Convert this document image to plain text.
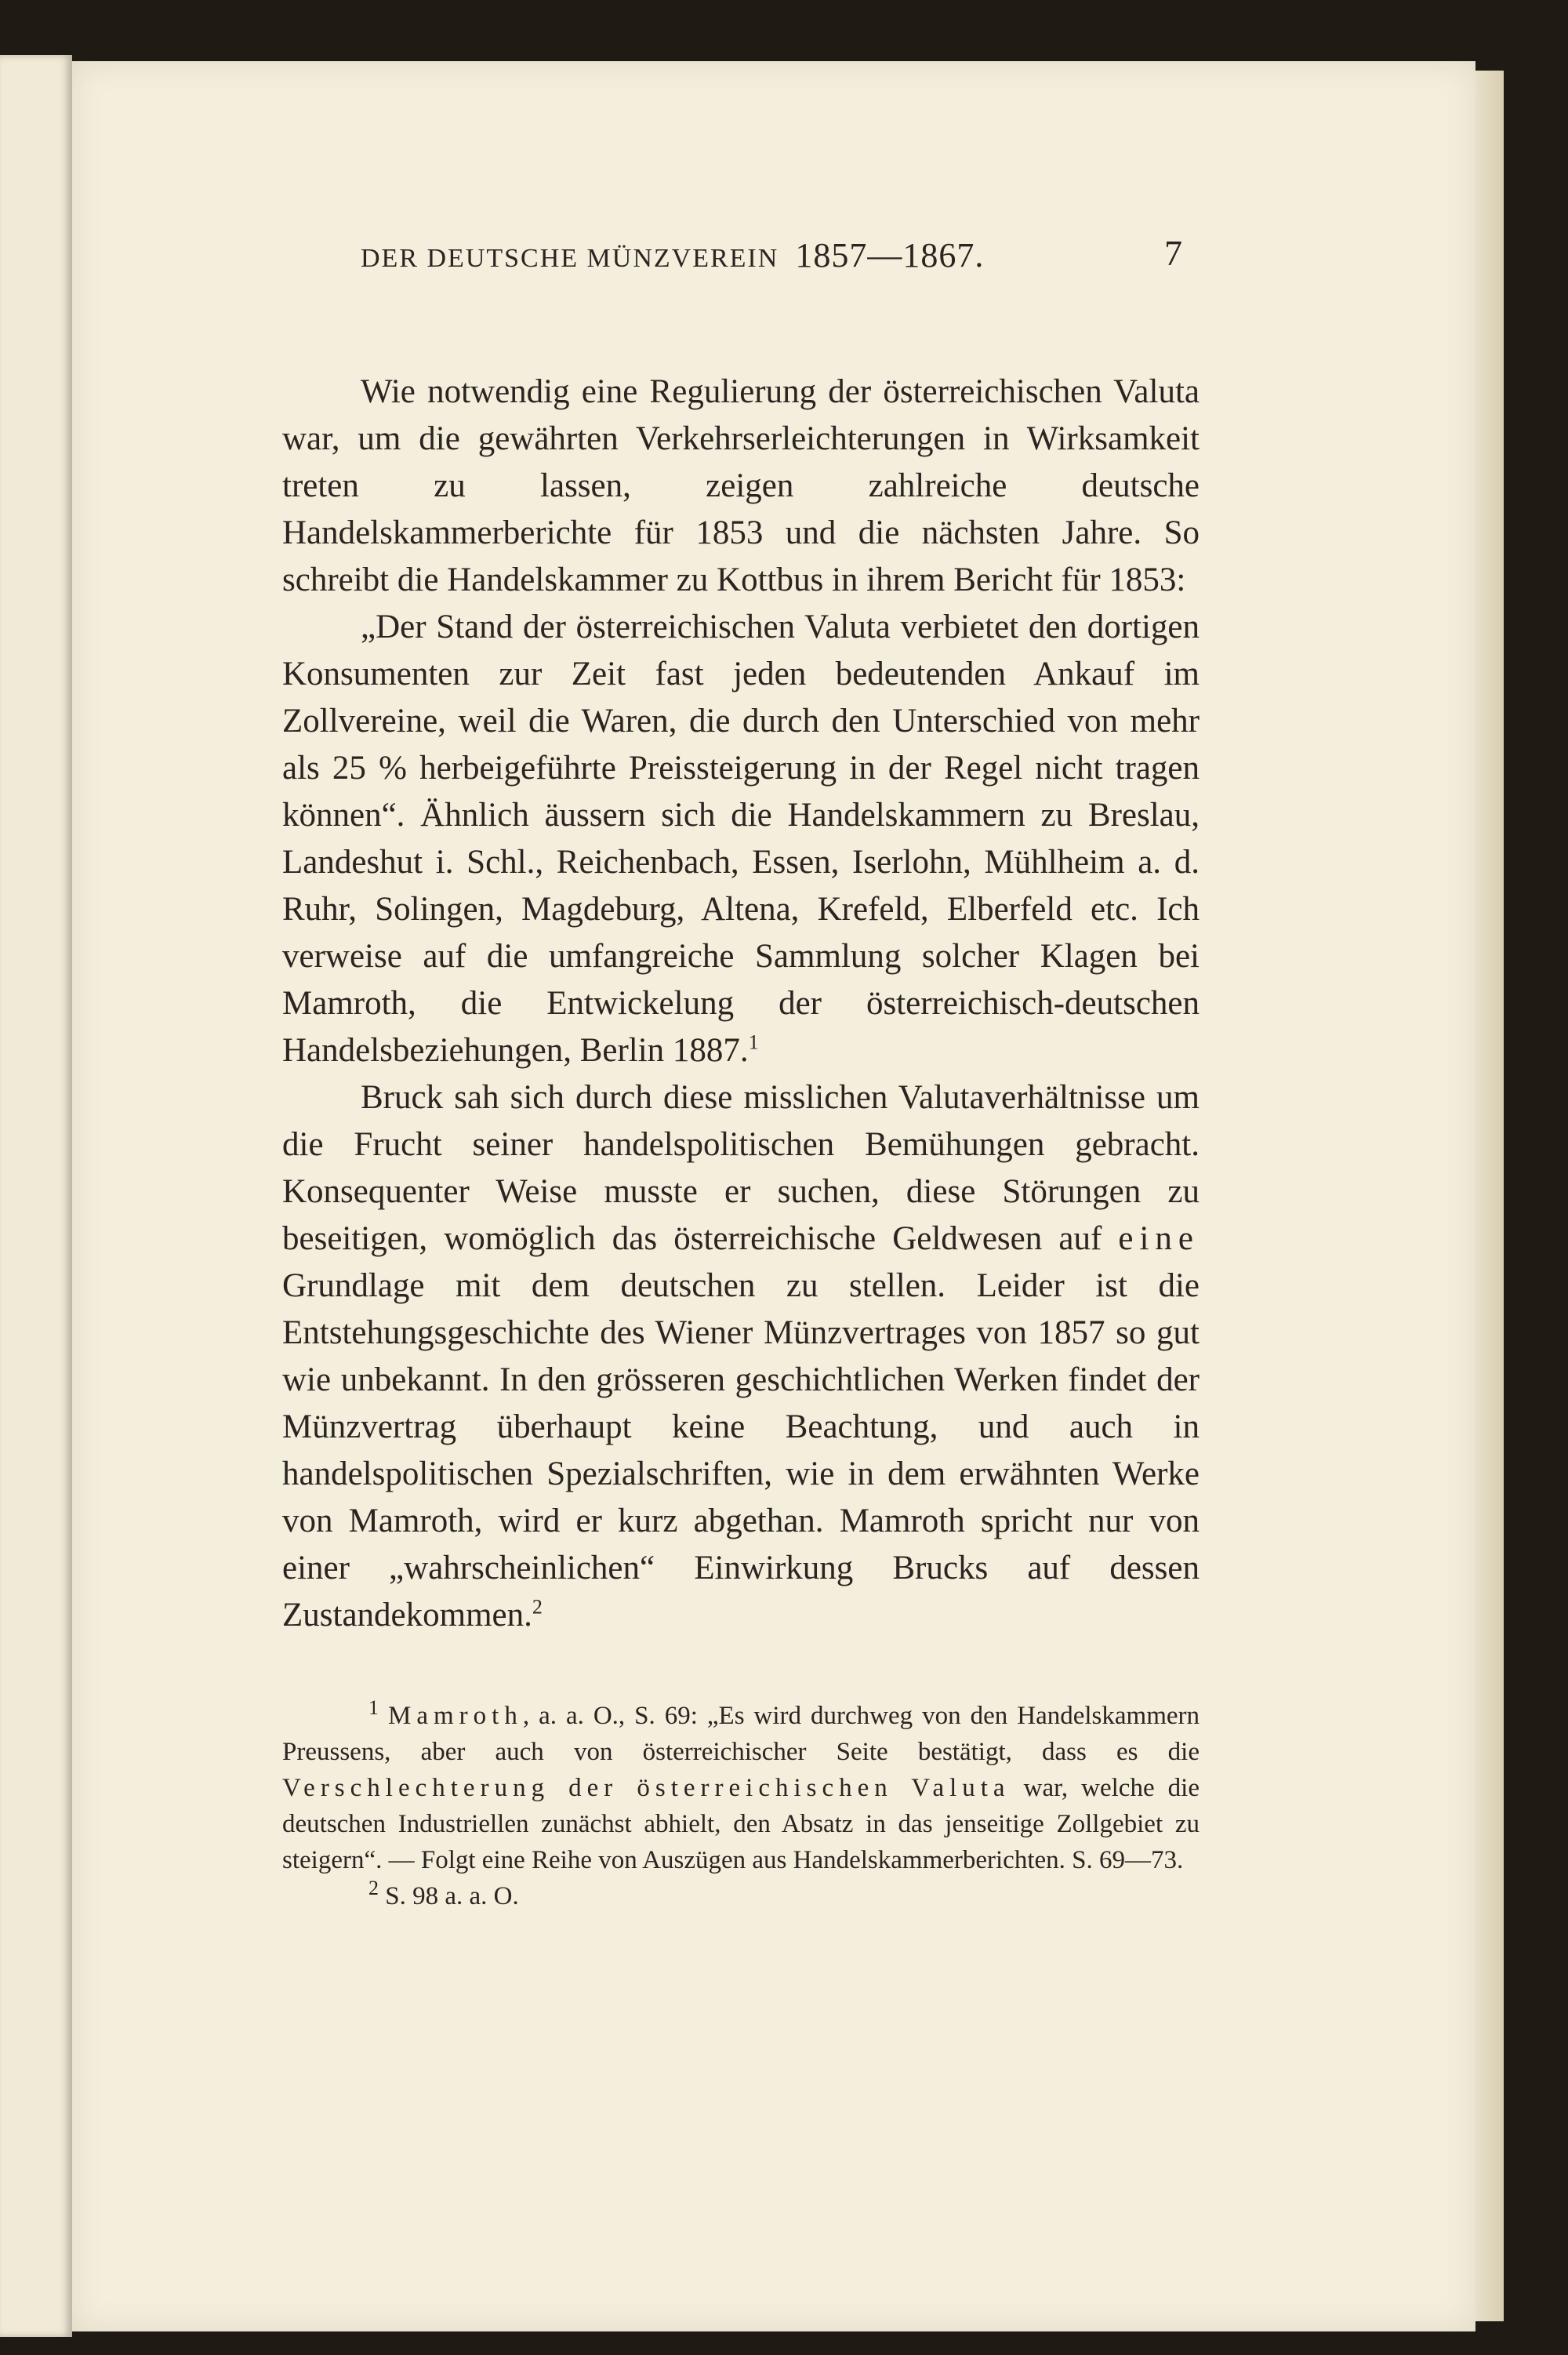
DER DEUTSCHE MÜNZVEREIN 1857—1867.	7

Wie notwendig eine Regulierung der österreichischen Valuta war, um die gewährten Verkehrserleichterungen in Wirksamkeit treten zu lassen, zeigen zahlreiche deutsche Handelskammerberichte für 1853 und die nächsten Jahre. So schreibt die Handelskammer zu Kottbus in ihrem Bericht für 1853:

„Der Stand der österreichischen Valuta verbietet den dortigen Konsumenten zur Zeit fast jeden bedeutenden Ankauf im Zollvereine, weil die Waren, die durch den Unterschied von mehr als 25 % herbeigeführte Preissteigerung in der Regel nicht tragen können“. Ähnlich äussern sich die Handelskammern zu Breslau, Landeshut i. Schl., Reichenbach, Essen, Iserlohn, Mühlheim a. d. Ruhr, Solingen, Magdeburg, Altena, Krefeld, Elberfeld etc. Ich verweise auf die umfangreiche Sammlung solcher Klagen bei Mamroth, die Entwickelung der österreichisch-deutschen Handelsbeziehungen, Berlin 1887.$^1$

Bruck sah sich durch diese misslichen Valutaverhältnisse um die Frucht seiner handelspolitischen Bemühungen gebracht. Konsequenter Weise musste er suchen, diese Störungen zu beseitigen, womöglich das österreichische Geldwesen auf eine Grundlage mit dem deutschen zu stellen. Leider ist die Entstehungsgeschichte des Wiener Münzvertrages von 1857 so gut wie unbekannt. In den grösseren geschichtlichen Werken findet der Münzvertrag überhaupt keine Beachtung, und auch in handelspolitischen Spezialschriften, wie in dem erwähnten Werke von Mamroth, wird er kurz abgethan. Mamroth spricht nur von einer „wahrscheinlichen“ Einwirkung Brucks auf dessen Zustandekommen.$^2$

$^1$ Mamroth, a. a. O., S. 69: „Es wird durchweg von den Handelskammern Preussens, aber auch von österreichischer Seite bestätigt, dass es die Verschlechterung der österreichischen Valuta war, welche die deutschen Industriellen zunächst abhielt, den Absatz in das jenseitige Zollgebiet zu steigern“. — Folgt eine Reihe von Auszügen aus Handelskammerberichten. S. 69—73.

$^2$ S. 98 a. a. O.
